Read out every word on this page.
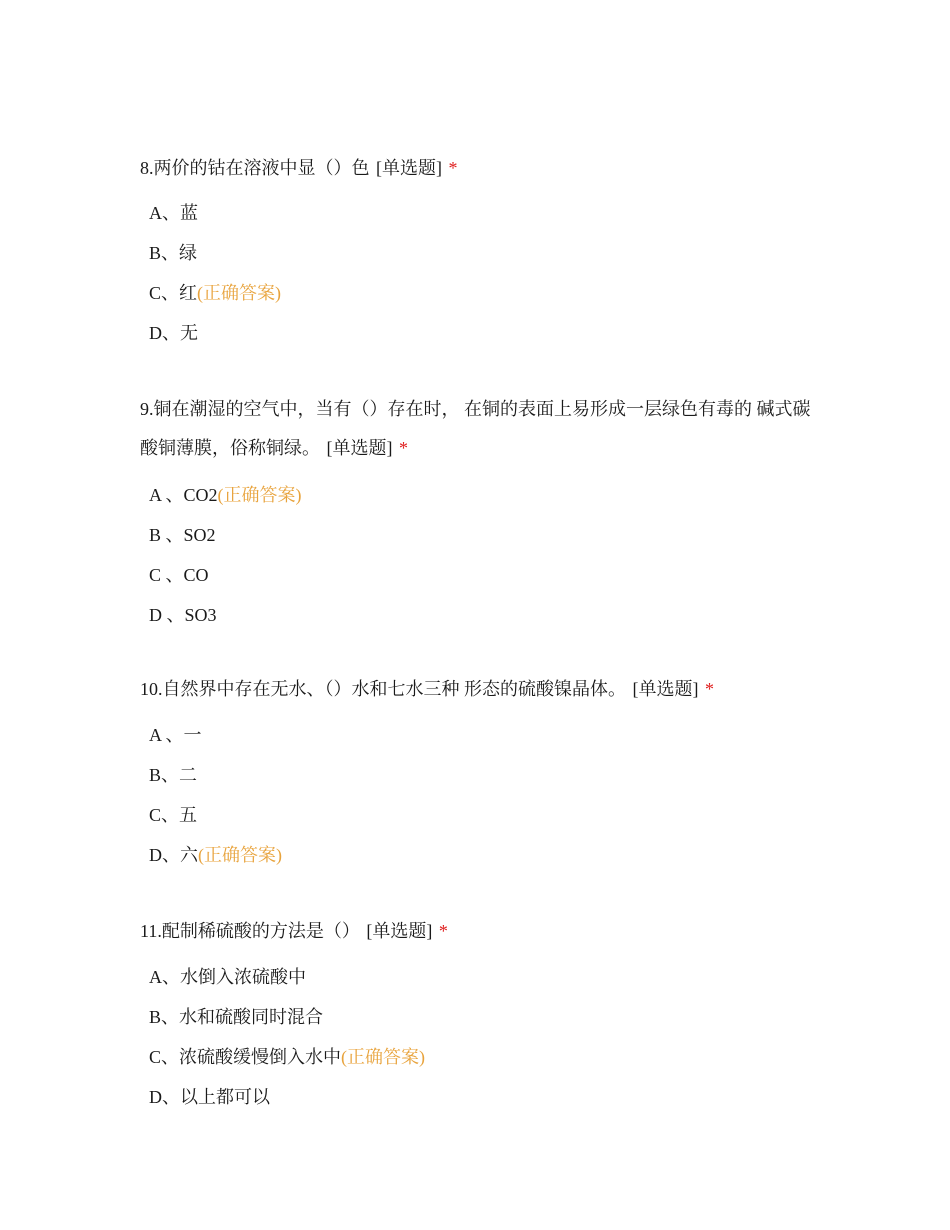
8.两价的钴在溶液中显（）色 [单选题] *

A、蓝
B、绿
C、红(正确答案)
D、无

9.铜在潮湿的空气中，当有（）存在时， 在铜的表面上易形成一层绿色有毒的 碱式碳酸铜薄膜，俗称铜绿。 [单选题] *

A 、CO2(正确答案)
B 、SO2
C 、CO
D 、SO3

10.自然界中存在无水、（）水和七水三种 形态的硫酸镍晶体。 [单选题] *

A 、一
B、二
C、五
D、六(正确答案)

11.配制稀硫酸的方法是（） [单选题] *

A、水倒入浓硫酸中
B、水和硫酸同时混合
C、浓硫酸缓慢倒入水中(正确答案)
D、以上都可以
